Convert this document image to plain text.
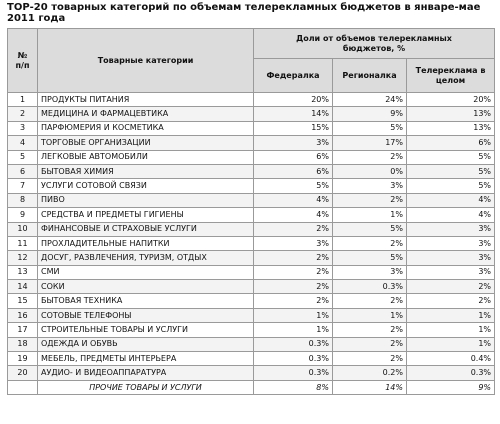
ТОР-20 товарных категорий по объемам телерекламных бюджетов в январе-мае 2011 года
№
п/п	Товарные категории	Доли от объемов телерекламных бюджетов, %		
		Федералка	Регионалка	Телереклама в целом
1	ПРОДУКТЫ ПИТАНИЯ	20%	24%	20%
2	МЕДИЦИНА И ФАРМАЦЕВТИКА	14%	9%	13%
3	ПАРФЮМЕРИЯ И КОСМЕТИКА	15%	5%	13%
4	ТОРГОВЫЕ ОРГАНИЗАЦИИ	3%	17%	6%
5	ЛЕГКОВЫЕ АВТОМОБИЛИ	6%	2%	5%
6	БЫТОВАЯ ХИМИЯ	6%	0%	5%
7	УСЛУГИ СОТОВОЙ СВЯЗИ	5%	3%	5%
8	ПИВО	4%	2%	4%
9	СРЕДСТВА И ПРЕДМЕТЫ ГИГИЕНЫ	4%	1%	4%
10	ФИНАНСОВЫЕ И СТРАХОВЫЕ УСЛУГИ	2%	5%	3%
11	ПРОХЛАДИТЕЛЬНЫЕ НАПИТКИ	3%	2%	3%
12	ДОСУГ, РАЗВЛЕЧЕНИЯ, ТУРИЗМ, ОТДЫХ	2%	5%	3%
13	СМИ	2%	3%	3%
14	СОКИ	2%	0.3%	2%
15	БЫТОВАЯ ТЕХНИКА	2%	2%	2%
16	СОТОВЫЕ ТЕЛЕФОНЫ	1%	1%	1%
17	СТРОИТЕЛЬНЫЕ ТОВАРЫ И УСЛУГИ	1%	2%	1%
18	ОДЕЖДА И ОБУВЬ	0.3%	2%	1%
19	МЕБЕЛЬ, ПРЕДМЕТЫ ИНТЕРЬЕРА	0.3%	2%	0.4%
20	АУДИО- И ВИДЕОАППАРАТУРА	0.3%	0.2%	0.3%
	ПРОЧИЕ ТОВАРЫ И УСЛУГИ	8%	14%	9%
